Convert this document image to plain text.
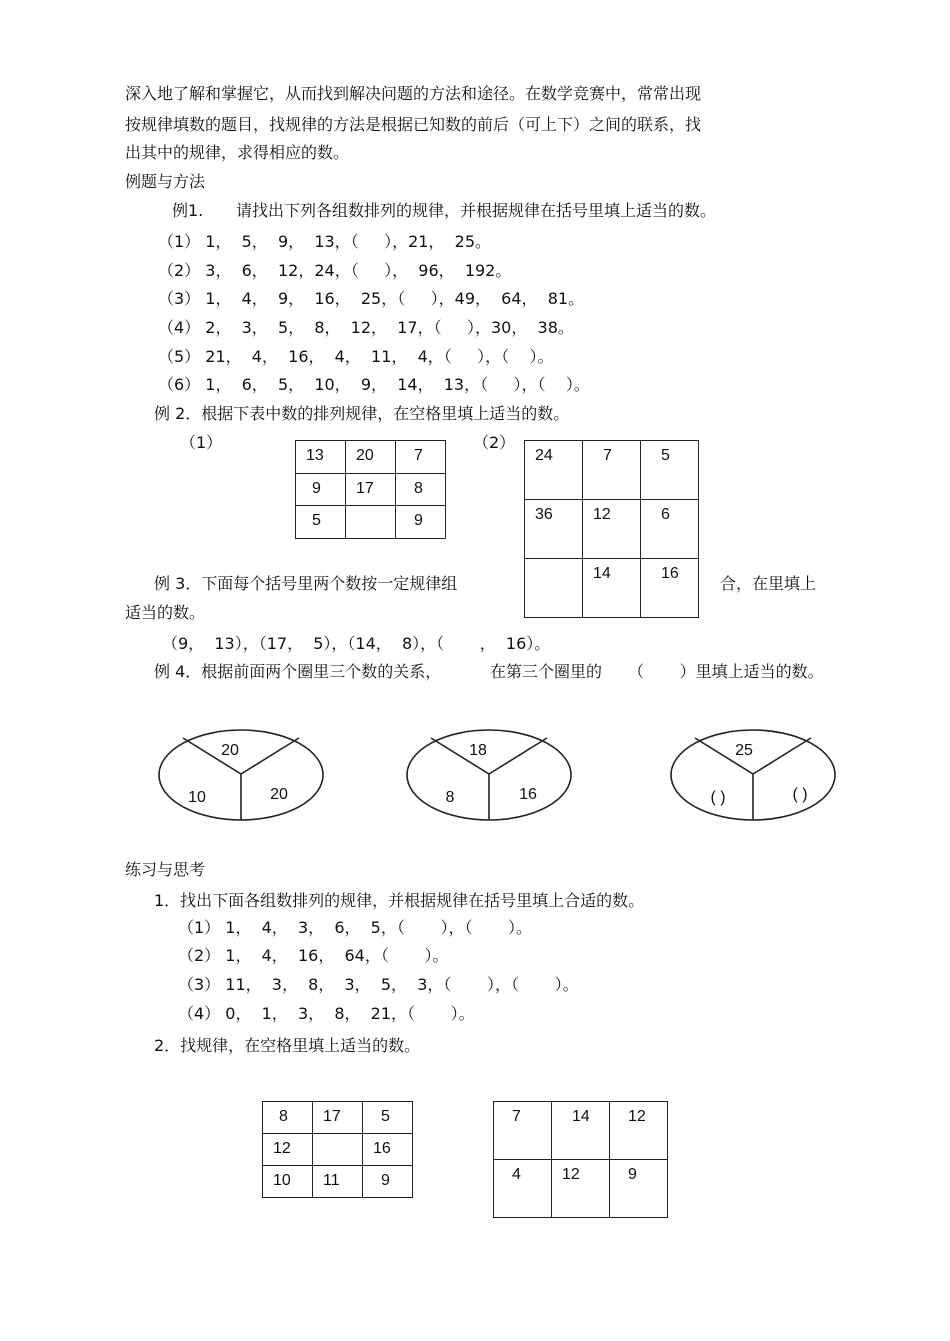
深入地了解和掌握它，从而找到解决问题的方法和途径。在数学竞赛中，常常出现
按规律填数的题目，找规律的方法是根据已知数的前后（可上下）之间的联系，找
出其中的规律，求得相应的数。
例题与方法
例1. 请找出下列各组数排列的规律，并根据规律在括号里填上适当的数。
（1） 1，  5，  9，  13，（     ），21，  25。
（2） 3，  6，  12，24，（     ），  96，  192。
（3） 1，  4，  9，  16，  25，（     ），49，  64，  81。
（4） 2，  3，  5，  8，  12，  17，（     ），30，  38。
（5） 21，  4，  16，  4，  11，  4，（     ），（    ）。
（6） 1，  6，  5，  10，  9，  14，  13，（     ），（    ）。
例 2．根据下表中数的排列规律，在空格里填上适当的数。
（1）	（2）
13	20	7

9	17	8

5		9
24	7	5

36	12	6

	14	16
例 3．下面每个括号里两个数按一定规律组	合，在里填上
适当的数。
（9，  13），（17，  5），（14，  8），（       ，  16）。
例 4．根据前面两个圈里三个数的关系，	在第三个圈里的 （       ）里填上适当的数。
20
10	20
18
8	16
25
( )	( )
练习与思考
1．找出下面各组数排列的规律，并根据规律在括号里填上合适的数。
（1） 1，  4，  3，  6，  5，（       ），（       ）。
（2） 1，  4，  16，  64，（       ）。
（3） 11，  3，  8，  3，  5，  3，（       ），（       ）。
（4） 0，  1，  3，  8，  21，（       ）。
2．找规律，在空格里填上适当的数。
8	17	5

12		16

10	11	9
7	14	12

4	12	9
